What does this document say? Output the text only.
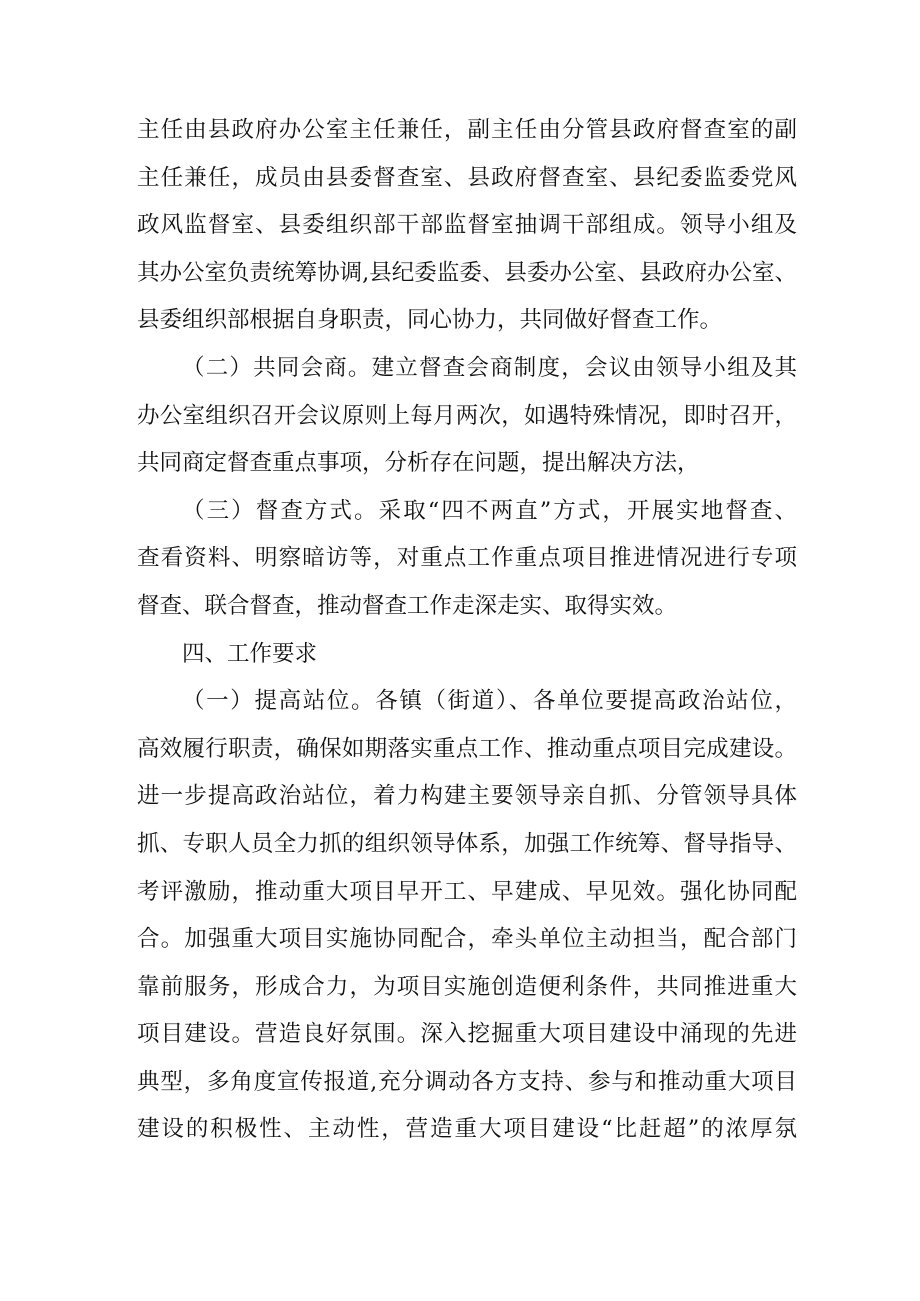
主任由县政府办公室主任兼任，副主任由分管县政府督查室的副
主任兼任，成员由县委督查室、县政府督查室、县纪委监委党风
政风监督室、县委组织部干部监督室抽调干部组成。领导小组及
其办公室负责统筹协调,县纪委监委、县委办公室、县政府办公室、
县委组织部根据自身职责，同心协力，共同做好督查工作。
（二）共同会商。建立督查会商制度，会议由领导小组及其
办公室组织召开会议原则上每月两次，如遇特殊情况，即时召开，
共同商定督查重点事项，分析存在问题，提出解决方法，
（三）督查方式。采取“四不两直”方式，开展实地督查、
查看资料、明察暗访等，对重点工作重点项目推进情况进行专项
督查、联合督查，推动督查工作走深走实、取得实效。
四、工作要求
（一）提高站位。各镇（街道）、各单位要提高政治站位，
高效履行职责，确保如期落实重点工作、推动重点项目完成建设。
进一步提高政治站位，着力构建主要领导亲自抓、分管领导具体
抓、专职人员全力抓的组织领导体系，加强工作统筹、督导指导、
考评激励，推动重大项目早开工、早建成、早见效。强化协同配
合。加强重大项目实施协同配合，牵头单位主动担当，配合部门
靠前服务，形成合力，为项目实施创造便利条件，共同推进重大
项目建设。营造良好氛围。深入挖掘重大项目建设中涌现的先进
典型，多角度宣传报道,充分调动各方支持、参与和推动重大项目
建设的积极性、主动性，营造重大项目建设“比赶超”的浓厚氛
